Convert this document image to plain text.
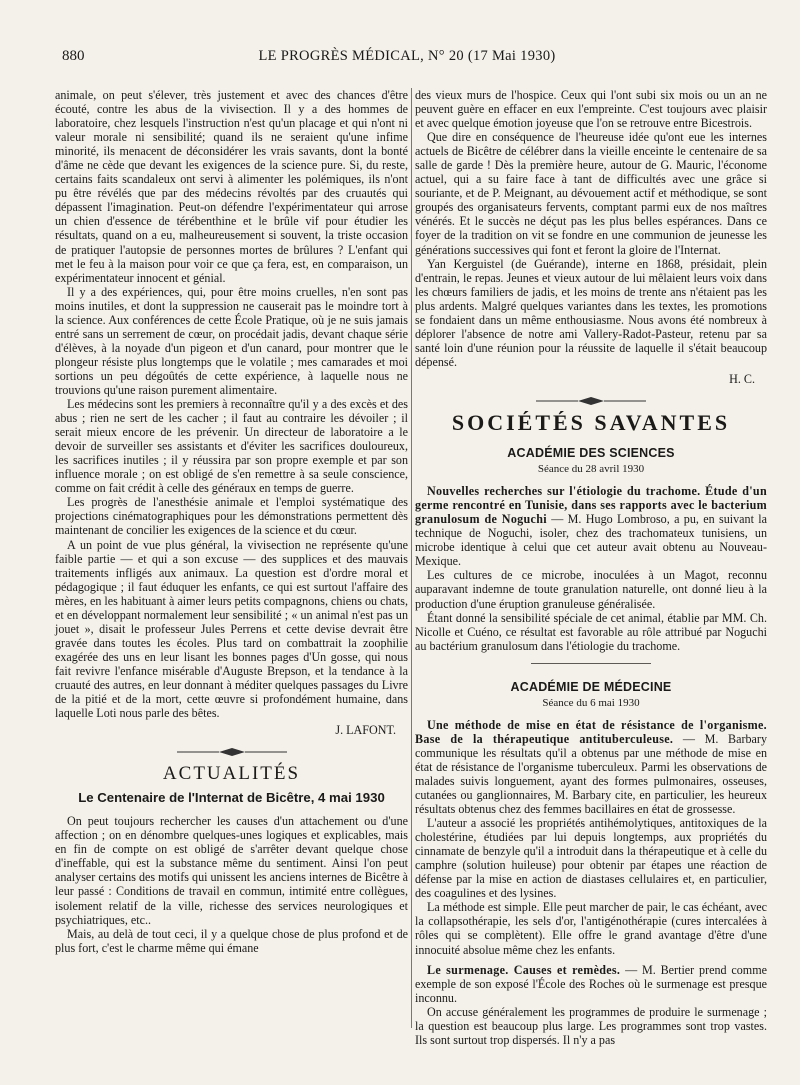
880	LE PROGRÈS MÉDICAL, N° 20 (17 Mai 1930)

animale, on peut s'élever, très justement et avec des chances d'être écouté, contre les abus de la vivisection. Il y a des hommes de laboratoire, chez lesquels l'instruction n'est qu'un placage et qui n'ont ni valeur morale ni sensibilité; quand ils ne seraient qu'une infime minorité, ils menacent de déconsidérer les vrais savants, dont la bonté d'âme ne cède que devant les exigences de la science pure. Si, du reste, certains faits scandaleux ont servi à alimenter les polémiques, ils n'ont pu être révélés que par des médecins révoltés par des cruautés qui dépassent l'imagination. Peut-on défendre l'expérimentateur qui arrose un chien d'essence de térébenthine et le brûle vif pour étudier les résultats, quand on a eu, malheureusement si souvent, la triste occasion de pratiquer l'autopsie de personnes mortes de brûlures ? L'enfant qui met le feu à la maison pour voir ce que ça fera, est, en comparaison, un expérimentateur innocent et génial.

Il y a des expériences, qui, pour être moins cruelles, n'en sont pas moins inutiles, et dont la suppression ne causerait pas le moindre tort à la science. Aux conférences de cette École Pratique, où je ne suis jamais entré sans un serrement de cœur, on procédait jadis, devant chaque série d'élèves, à la noyade d'un pigeon et d'un canard, pour montrer que le plongeur résiste plus longtemps que le volatile ; mes camarades et moi sortions un peu dégoûtés de cette expérience, à laquelle nous ne trouvions qu'une raison purement alimentaire.

Les médecins sont les premiers à reconnaître qu'il y a des excès et des abus ; rien ne sert de les cacher ; il faut au contraire les dévoiler ; il serait mieux encore de les prévenir. Un directeur de laboratoire a le devoir de surveiller ses assistants et d'éviter les sacrifices douloureux, les sacrifices inutiles ; il y réussira par son propre exemple et par son influence morale ; on est obligé de s'en remettre à sa seule conscience, comme on fait crédit à celle des généraux en temps de guerre.

Les progrès de l'anesthésie animale et l'emploi systématique des projections cinématographiques pour les démonstrations permettent dès maintenant de concilier les exigences de la science et du cœur.

A un point de vue plus général, la vivisection ne représente qu'une faible partie — et qui a son excuse — des supplices et des mauvais traitements infligés aux animaux. La question est d'ordre moral et pédagogique ; il faut éduquer les enfants, ce qui est surtout l'affaire des mères, en les habituant à aimer leurs petits compagnons, chiens ou chats, et en développant normalement leur sensibilité ; « un animal n'est pas un jouet », disait le professeur Jules Perrens et cette devise devrait être gravée dans toutes les écoles. Plus tard on combattrait la zoophilie exagérée des uns en leur lisant les bonnes pages d'Un gosse, qui nous fait revivre l'enfance misérable d'Auguste Brepson, et la tendance à la cruauté des autres, en leur donnant à méditer quelques passages du Livre de la pitié et de la mort, cette œuvre si profondément humaine, dans laquelle Loti nous parle des bêtes.

J. LAFONT.
ACTUALITÉS
Le Centenaire de l'Internat de Bicêtre, 4 mai 1930

On peut toujours rechercher les causes d'un attachement ou d'une affection ; on en dénombre quelques-unes logiques et explicables, mais en fin de compte on est obligé de s'arrêter devant quelque chose d'ineffable, qui est la substance même du sentiment. Ainsi l'on peut analyser certains des motifs qui unissent les anciens internes de Bicêtre à leur passé : Conditions de travail en commun, intimité entre collègues, isolement relatif de la ville, richesse des services neurologiques et psychiatriques, etc..

Mais, au delà de tout ceci, il y a quelque chose de plus profond et de plus fort, c'est le charme même qui émane

des vieux murs de l'hospice. Ceux qui l'ont subi six mois ou un an ne peuvent guère en effacer en eux l'empreinte. C'est toujours avec plaisir et avec quelque émotion joyeuse que l'on se retrouve entre Bicestrois.

Que dire en conséquence de l'heureuse idée qu'ont eue les internes actuels de Bicêtre de célébrer dans la vieille enceinte le centenaire de sa salle de garde ! Dès la première heure, autour de G. Mauric, l'économe actuel, qui a su faire face à tant de difficultés avec une grâce si souriante, et de P. Meignant, au dévouement actif et méthodique, se sont groupés des organisateurs fervents, comptant parmi eux de nos maîtres vénérés. Et le succès ne déçut pas les plus belles espérances. Dans ce foyer de la tradition on vit se fondre en une communion de jeunesse les générations successives qui font et feront la gloire de l'Internat.

Yan Kerguistel (de Guérande), interne en 1868, présidait, plein d'entrain, le repas. Jeunes et vieux autour de lui mêlaient leurs voix dans les chœurs familiers de jadis, et les moins de trente ans n'étaient pas les plus ardents. Malgré quelques variantes dans les textes, les promotions se fondaient dans un même enthousiasme. Nous avons été nombreux à déplorer l'absence de notre ami Vallery-Radot-Pasteur, retenu par sa santé loin d'une réunion pour la réussite de laquelle il s'était beaucoup dépensé.

H. C.
SOCIÉTÉS SAVANTES
ACADÉMIE DES SCIENCES
Séance du 28 avril 1930

Nouvelles recherches sur l'étiologie du trachome. Étude d'un germe rencontré en Tunisie, dans ses rapports avec le bacterium granulosum de Noguchi — M. Hugo Lombroso, a pu, en suivant la technique de Noguchi, isoler, chez des trachomateux tunisiens, un microbe identique à celui que cet auteur avait obtenu au Nouveau-Mexique.

Les cultures de ce microbe, inoculées à un Magot, reconnu auparavant indemne de toute granulation naturelle, ont donné lieu à la production d'une éruption granuleuse généralisée.

Étant donné la sensibilité spéciale de cet animal, établie par MM. Ch. Nicolle et Cuéno, ce résultat est favorable au rôle attribué par Noguchi au bactérium granulosum dans l'étiologie du trachome.

ACADÉMIE DE MÉDECINE
Séance du 6 mai 1930

Une méthode de mise en état de résistance de l'organisme. Base de la thérapeutique antituberculeuse. — M. Barbary communique les résultats qu'il a obtenus par une méthode de mise en état de résistance de l'organisme tuberculeux. Parmi les observations de malades suivis longuement, ayant des formes pulmonaires, osseuses, cutanées ou ganglionnaires, M. Barbary cite, en particulier, les heureux résultats obtenus chez des femmes bacillaires en état de grossesse.

L'auteur a associé les propriétés antihémolytiques, antitoxiques de la cholestérine, étudiées par lui depuis longtemps, aux propriétés du cinnamate de benzyle qu'il a introduit dans la thérapeutique et à celle du camphre (solution huileuse) pour obtenir par étapes une réaction de défense par la mise en action de diastases cellulaires et, en particulier, des coagulines et des lysines.

La méthode est simple. Elle peut marcher de pair, le cas échéant, avec la collapsothérapie, les sels d'or, l'antigénothérapie (cures intercalées à rôles qui se complètent). Elle offre le grand avantage d'être d'une innocuité absolue même chez les enfants.

Le surmenage. Causes et remèdes. — M. Bertier prend comme exemple de son exposé l'École des Roches où le surmenage est presque inconnu.

On accuse généralement les programmes de produire le surmenage ; la question est beaucoup plus large. Les programmes sont trop vastes. Ils sont surtout trop dispersés. Il n'y a pas
